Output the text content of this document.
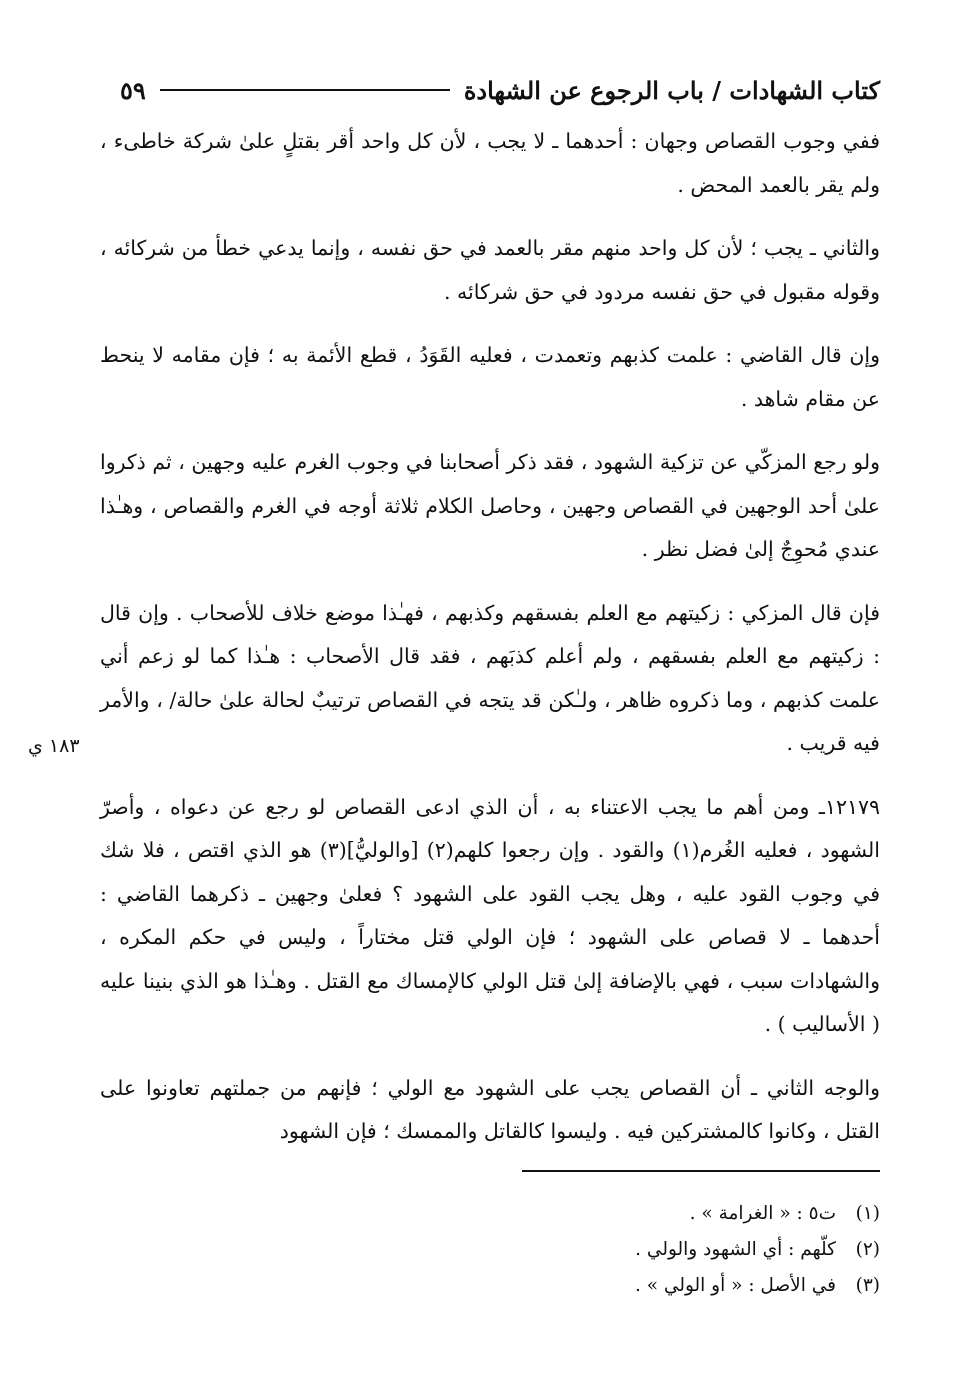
كتاب الشهادات / باب الرجوع عن الشهادة
٥٩

ففي وجوب القصاص وجهان : أحدهما ـ لا يجب ، لأن كل واحد أقر بقتلٍ علىٰ شركة خاطىء ، ولم يقر بالعمد المحض .

والثاني ـ يجب ؛ لأن كل واحد منهم مقر بالعمد في حق نفسه ، وإنما يدعي خطأ من شركائه ، وقوله مقبول في حق نفسه مردود في حق شركائه .

وإن قال القاضي : علمت كذبهم وتعمدت ، فعليه القَوَدُ ، قطع الأئمة به ؛ فإن مقامه لا ينحط عن مقام شاهد .

ولو رجع المزكّي عن تزكية الشهود ، فقد ذكر أصحابنا في وجوب الغرم عليه وجهين ، ثم ذكروا علىٰ أحد الوجهين في القصاص وجهين ، وحاصل الكلام ثلاثة أوجه في الغرم والقصاص ، وهـٰذا عندي مُحوِجٌ إلىٰ فضل نظر .

فإن قال المزكي : زكيتهم مع العلم بفسقهم وكذبهم ، فهـٰذا موضع خلاف للأصحاب . وإن قال : زكيتهم مع العلم بفسقهم ، ولم أعلم كذبَهم ، فقد قال الأصحاب : هـٰذا كما لو زعم أني علمت كذبهم ، وما ذكروه ظاهر ، ولـٰكن قد يتجه في القصاص ترتيبٌ لحالة علىٰ حالة/ ، والأمر فيه قريب .

١٢١٧٩ـ ومن أهم ما يجب الاعتناء به ، أن الذي ادعى القصاص لو رجع عن دعواه ، وأصرّ الشهود ، فعليه الغُرم(١) والقود . وإن رجعوا كلهم(٢) [والوليُّ](٣) هو الذي اقتص ، فلا شك في وجوب القود عليه ، وهل يجب القود على الشهود ؟ فعلىٰ وجهين ـ ذكرهما القاضي : أحدهما ـ لا قصاص على الشهود ؛ فإن الولي قتل مختاراً ، وليس في حكم المكره ، والشهادات سبب ، فهي بالإضافة إلىٰ قتل الولي كالإمساك مع القتل . وهـٰذا هو الذي بنينا عليه ( الأساليب ) .

والوجه الثاني ـ أن القصاص يجب على الشهود مع الولي ؛ فإنهم من جملتهم تعاونوا على القتل ، وكانوا كالمشتركين فيه . وليسوا كالقاتل والممسك ؛ فإن الشهود

١٨٣ ي
(١)
ت٥ : « الغرامة » .
(٢)
كلّهم : أي الشهود والولي .
(٣)
في الأصل : « أو الولي » .
